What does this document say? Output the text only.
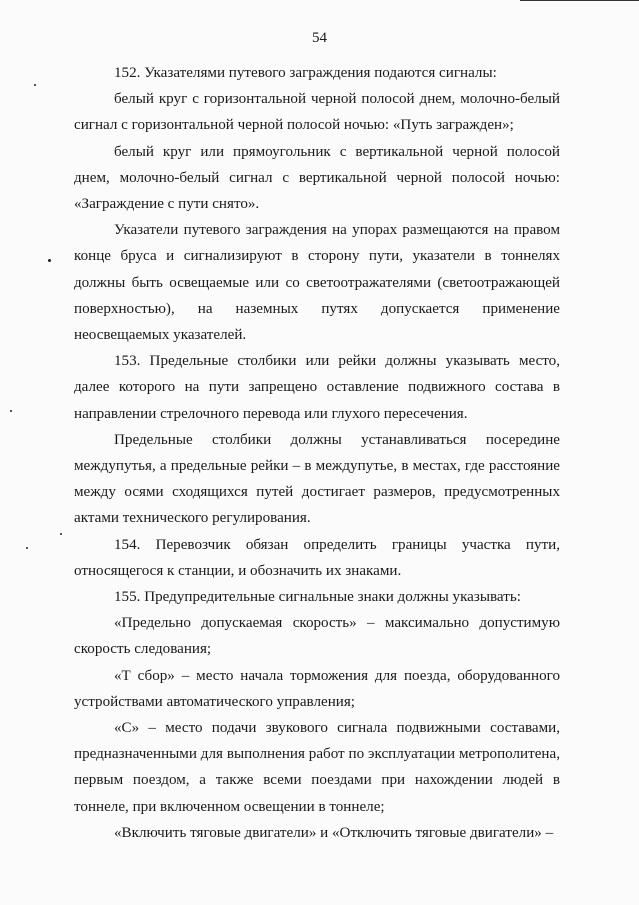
54

152. Указателями путевого заграждения подаются сигналы:

белый круг с горизонтальной черной полосой днем, молочно-белый сигнал с горизонтальной черной полосой ночью: «Путь загражден»;

белый круг или прямоугольник с вертикальной черной полосой днем, молочно-белый сигнал с вертикальной черной полосой ночью: «Заграждение с пути снято».

Указатели путевого заграждения на упорах размещаются на правом конце бруса и сигнализируют в сторону пути, указатели в тоннелях должны быть освещаемые или со светоотражателями (светоотражающей поверхностью), на наземных путях допускается применение неосвещаемых указателей.

153. Предельные столбики или рейки должны указывать место, далее которого на пути запрещено оставление подвижного состава в направлении стрелочного перевода или глухого пересечения.

Предельные столбики должны устанавливаться посередине междупутья, а предельные рейки – в междупутье, в местах, где расстояние между осями сходящихся путей достигает размеров, предусмотренных актами технического регулирования.

154. Перевозчик обязан определить границы участка пути, относящегося к станции, и обозначить их знаками.

155. Предупредительные сигнальные знаки должны указывать:

«Предельно допускаемая скорость» – максимально допустимую скорость следования;

«Т сбор» – место начала торможения для поезда, оборудованного устройствами автоматического управления;

«С» – место подачи звукового сигнала подвижными составами, предназначенными для выполнения работ по эксплуатации метрополитена, первым поездом, а также всеми поездами при нахождении людей в тоннеле, при включенном освещении в тоннеле;

«Включить тяговые двигатели» и «Отключить тяговые двигатели» –
